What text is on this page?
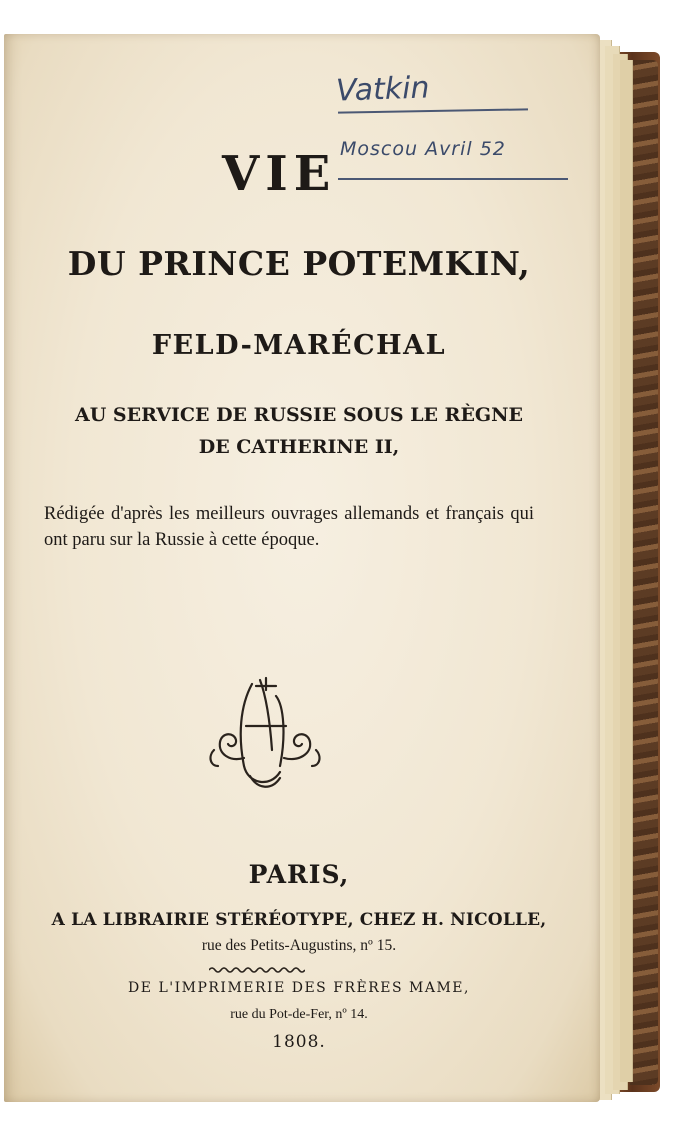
VIE
DU PRINCE POTEMKIN,
FELD-MARÉCHAL
AU SERVICE DE RUSSIE SOUS LE RÈGNE
DE CATHERINE II,
Rédigée d'après les meilleurs ouvrages allemands et français qui ont paru sur la Russie à cette époque.
PARIS,
A LA LIBRAIRIE STÉRÉOTYPE, CHEZ H. NICOLLE,
rue des Petits-Augustins, nº 15.
DE L'IMPRIMERIE DES FRÈRES MAME,
rue du Pot-de-Fer, nº 14.
1808.
Vatkin
Moscou Avril 52
